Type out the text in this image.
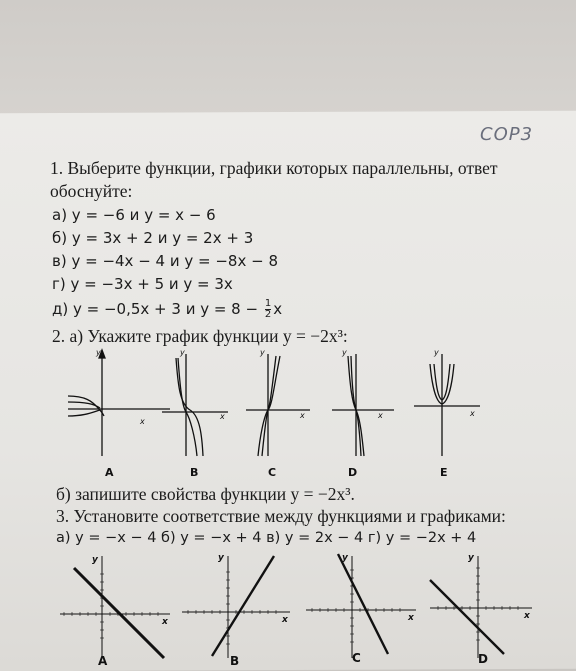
СОР3
1. Выберите функции, графики которых параллельны, ответ
обоснуйте:
а) y = −6 и y = x − 6
б) y = 3x + 2 и y = 2x + 3
в) y = −4x − 4 и y = −8x − 8
г) y = −3x + 5 и y = 3x
д) y = −0,5x + 3 и $y = 8 - \frac{1}{2}$ x
2. а) Укажите график функции y = −2x³:
y
x
y
x
y
x
y
x
y
x
A	B	C	D	E
б) запишите свойства функции y = −2x³.
3. Установите соответствие между функциями и графиками:
а) y = −x − 4 б) y = −x + 4 в) y = 2x − 4 г) y = −2x + 4
y
x
y
x
y
x
y
x
A	B	C	D
